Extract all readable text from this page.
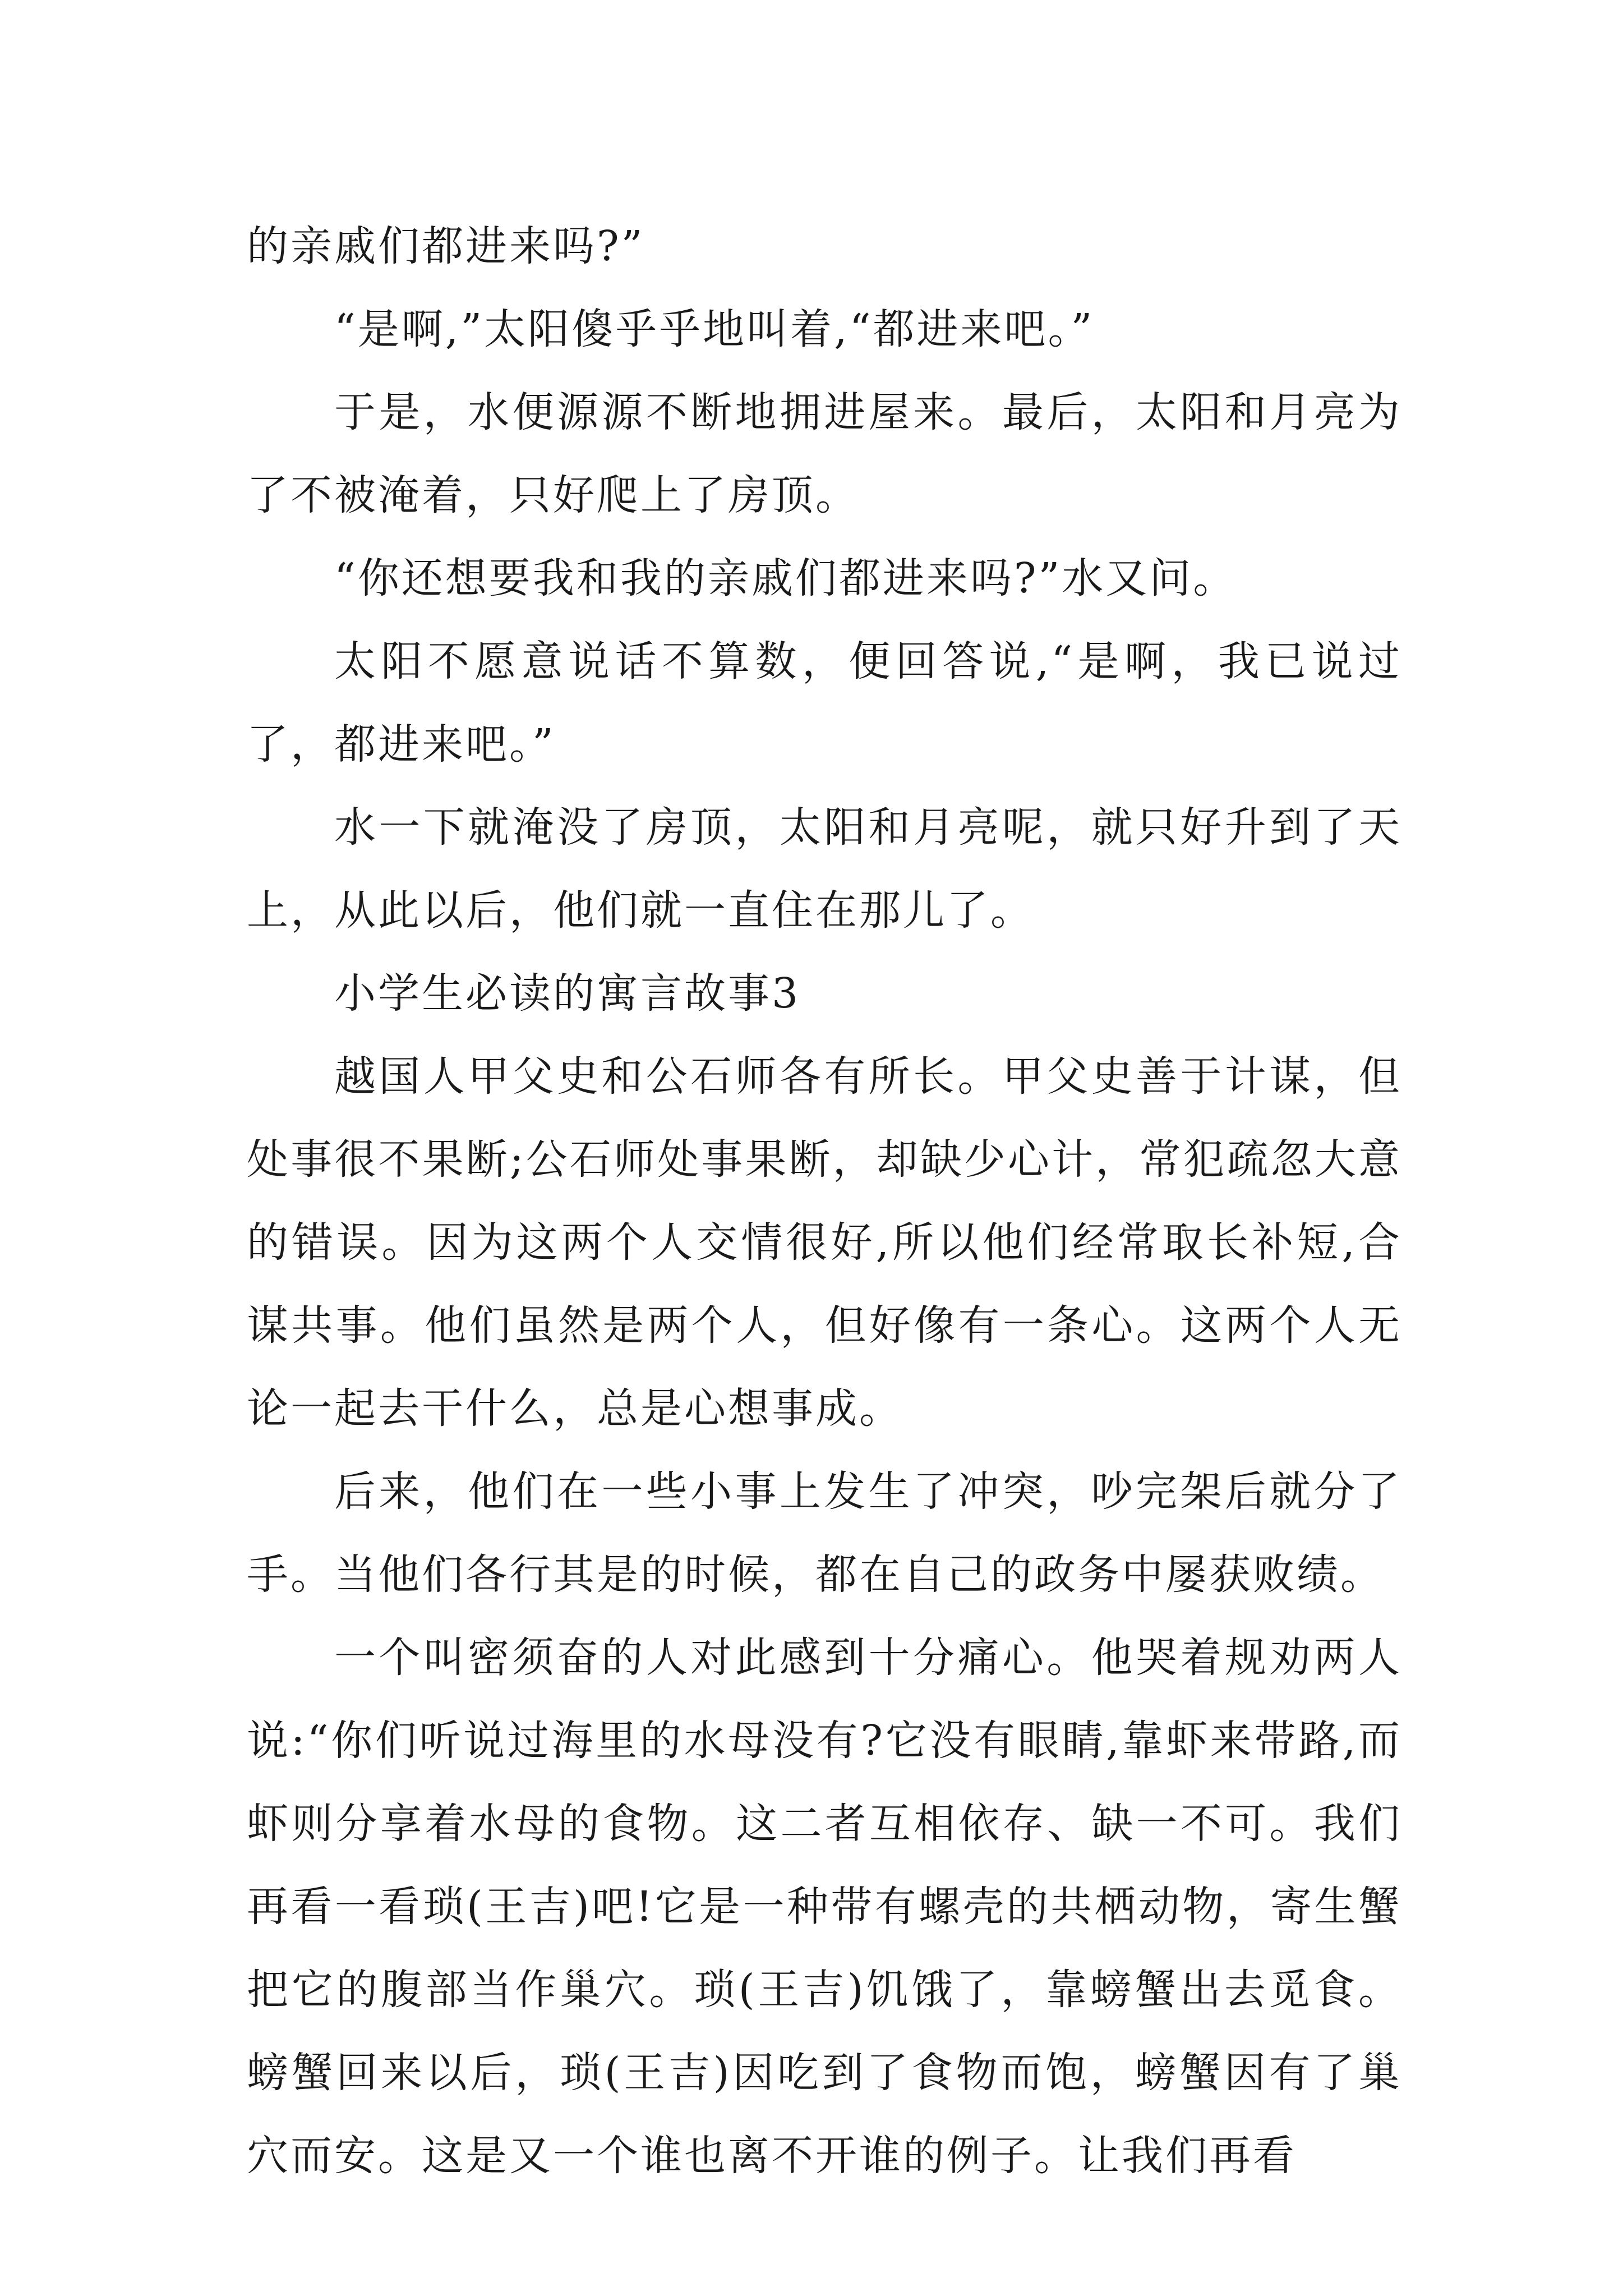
的亲戚们都进来吗?”

“是啊,”太阳傻乎乎地叫着,“都进来吧。”

于是，水便源源不断地拥进屋来。最后，太阳和月亮为了不被淹着，只好爬上了房顶。

“你还想要我和我的亲戚们都进来吗?”水又问。

太阳不愿意说话不算数，便回答说,“是啊，我已说过了，都进来吧。”

水一下就淹没了房顶，太阳和月亮呢，就只好升到了天上，从此以后，他们就一直住在那儿了。

小学生必读的寓言故事3

越国人甲父史和公石师各有所长。甲父史善于计谋，但处事很不果断;公石师处事果断，却缺少心计，常犯疏忽大意的错误。因为这两个人交情很好,所以他们经常取长补短,合谋共事。他们虽然是两个人，但好像有一条心。这两个人无论一起去干什么，总是心想事成。

后来，他们在一些小事上发生了冲突，吵完架后就分了手。当他们各行其是的时候，都在自己的政务中屡获败绩。

一个叫密须奋的人对此感到十分痛心。他哭着规劝两人说:“你们听说过海里的水母没有?它没有眼睛,靠虾来带路,而虾则分享着水母的食物。这二者互相依存、缺一不可。我们再看一看琐(王吉)吧!它是一种带有螺壳的共栖动物，寄生蟹把它的腹部当作巢穴。琐(王吉)饥饿了，靠螃蟹出去觅食。螃蟹回来以后，琐(王吉)因吃到了食物而饱，螃蟹因有了巢穴而安。这是又一个谁也离不开谁的例子。让我们再看
